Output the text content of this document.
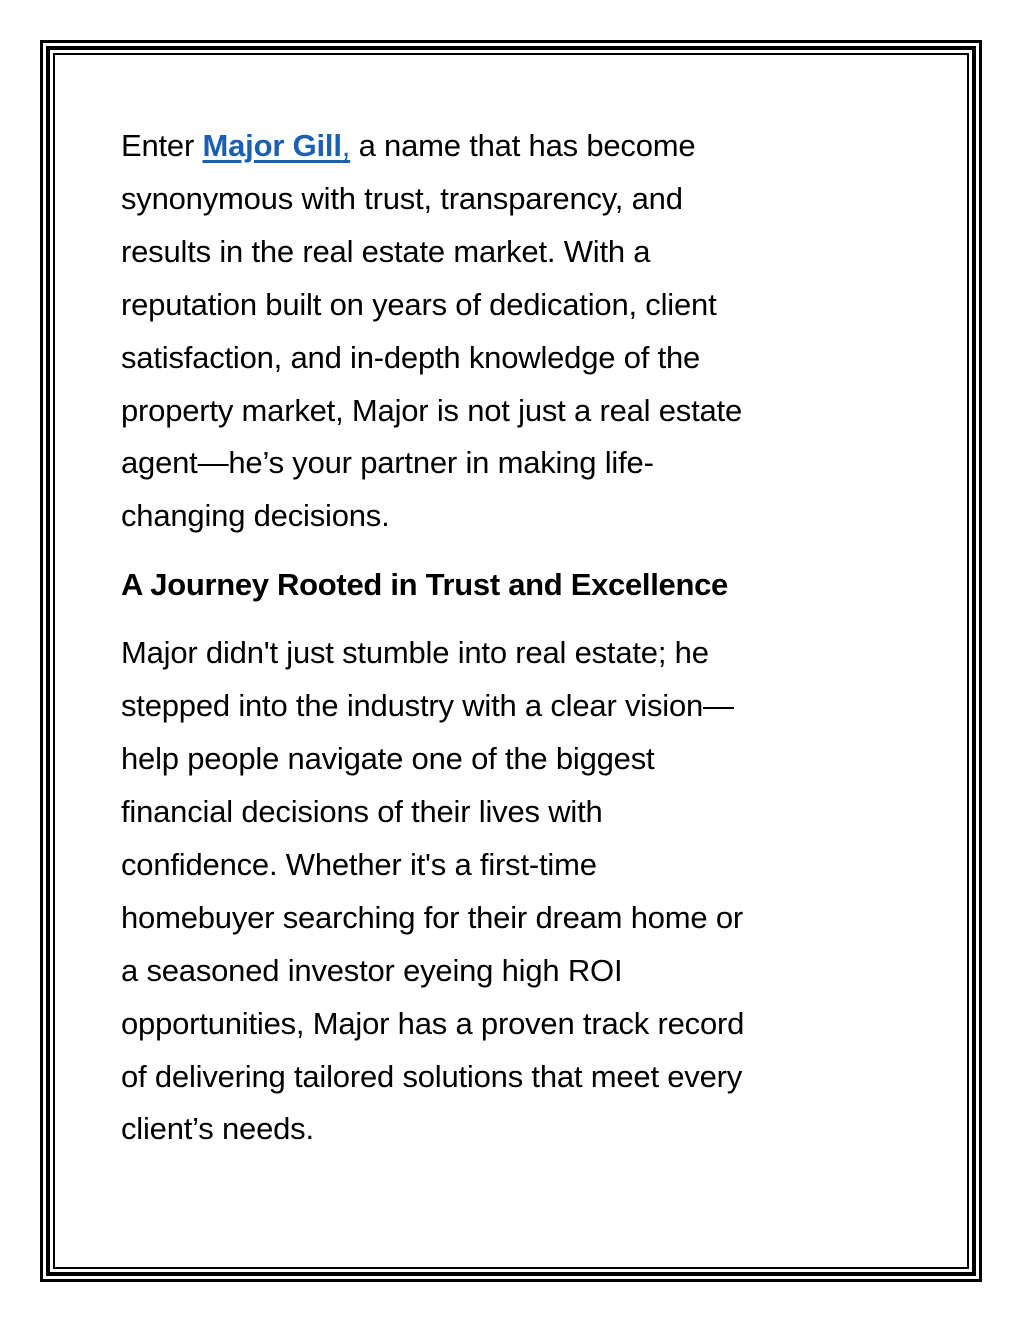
Enter Major Gill, a name that has become
synonymous with trust, transparency, and
results in the real estate market. With a
reputation built on years of dedication, client
satisfaction, and in-depth knowledge of the
property market, Major is not just a real estate
agent—he’s your partner in making life-
changing decisions.

A Journey Rooted in Trust and Excellence

Major didn't just stumble into real estate; he
stepped into the industry with a clear vision—
help people navigate one of the biggest
financial decisions of their lives with
confidence. Whether it's a first-time
homebuyer searching for their dream home or
a seasoned investor eyeing high ROI
opportunities, Major has a proven track record
of delivering tailored solutions that meet every
client’s needs.
